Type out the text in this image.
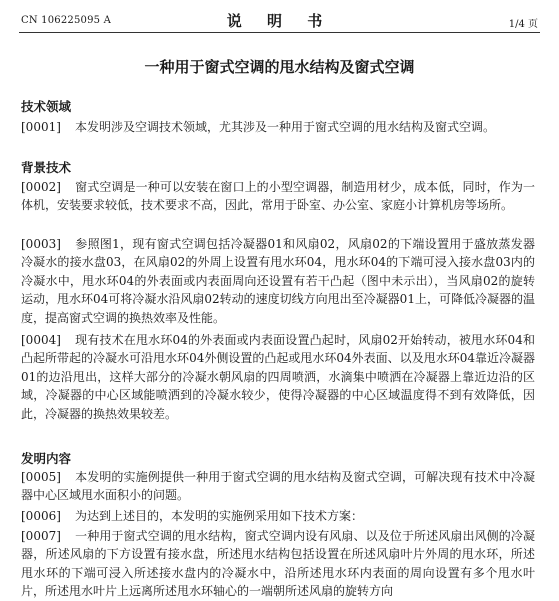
CN 106225095 A	说 明 书	1/4 页
一种用于窗式空调的甩水结构及窗式空调
技术领域

[0001] 本发明涉及空调技术领域，尤其涉及一种用于窗式空调的甩水结构及窗式空调。

背景技术

[0002] 窗式空调是一种可以安装在窗口上的小型空调器，制造用材少，成本低，同时，作为一体机，安装要求较低，技术要求不高，因此，常用于卧室、办公室、家庭小计算机房等场所。

[0003] 参照图1，现有窗式空调包括冷凝器01和风扇02，风扇02的下端设置用于盛放蒸发器冷凝水的接水盘03，在风扇02的外周上设置有甩水环04，甩水环04的下端可浸入接水盘03内的冷凝水中，甩水环04的外表面或内表面周向还设置有若干凸起（图中未示出），当风扇02的旋转运动，甩水环04可将冷凝水沿风扇02转动的速度切线方向甩出至冷凝器01上，可降低冷凝器的温度，提高窗式空调的换热效率及性能。

[0004] 现有技术在甩水环04的外表面或内表面设置凸起时，风扇02开始转动，被甩水环04和凸起所带起的冷凝水可沿甩水环04外侧设置的凸起或甩水环04外表面、以及甩水环04靠近冷凝器01的边沿甩出，这样大部分的冷凝水朝风扇的四周喷洒，水滴集中喷洒在冷凝器上靠近边沿的区域，冷凝器的中心区域能喷洒到的冷凝水较少，使得冷凝器的中心区域温度得不到有效降低，因此，冷凝器的换热效果较差。

发明内容

[0005] 本发明的实施例提供一种用于窗式空调的甩水结构及窗式空调，可解决现有技术中冷凝器中心区域甩水面积小的问题。

[0006] 为达到上述目的，本发明的实施例采用如下技术方案：

[0007] 一种用于窗式空调的甩水结构，窗式空调内设有风扇、以及位于所述风扇出风侧的冷凝器，所述风扇的下方设置有接水盘，所述甩水结构包括设置在所述风扇叶片外周的甩水环，所述甩水环的下端可浸入所述接水盘内的冷凝水中，沿所述甩水环内表面的周向设置有多个甩水叶片，所述甩水叶片上远离所述甩水环轴心的一端朝所述风扇的旋转方向
